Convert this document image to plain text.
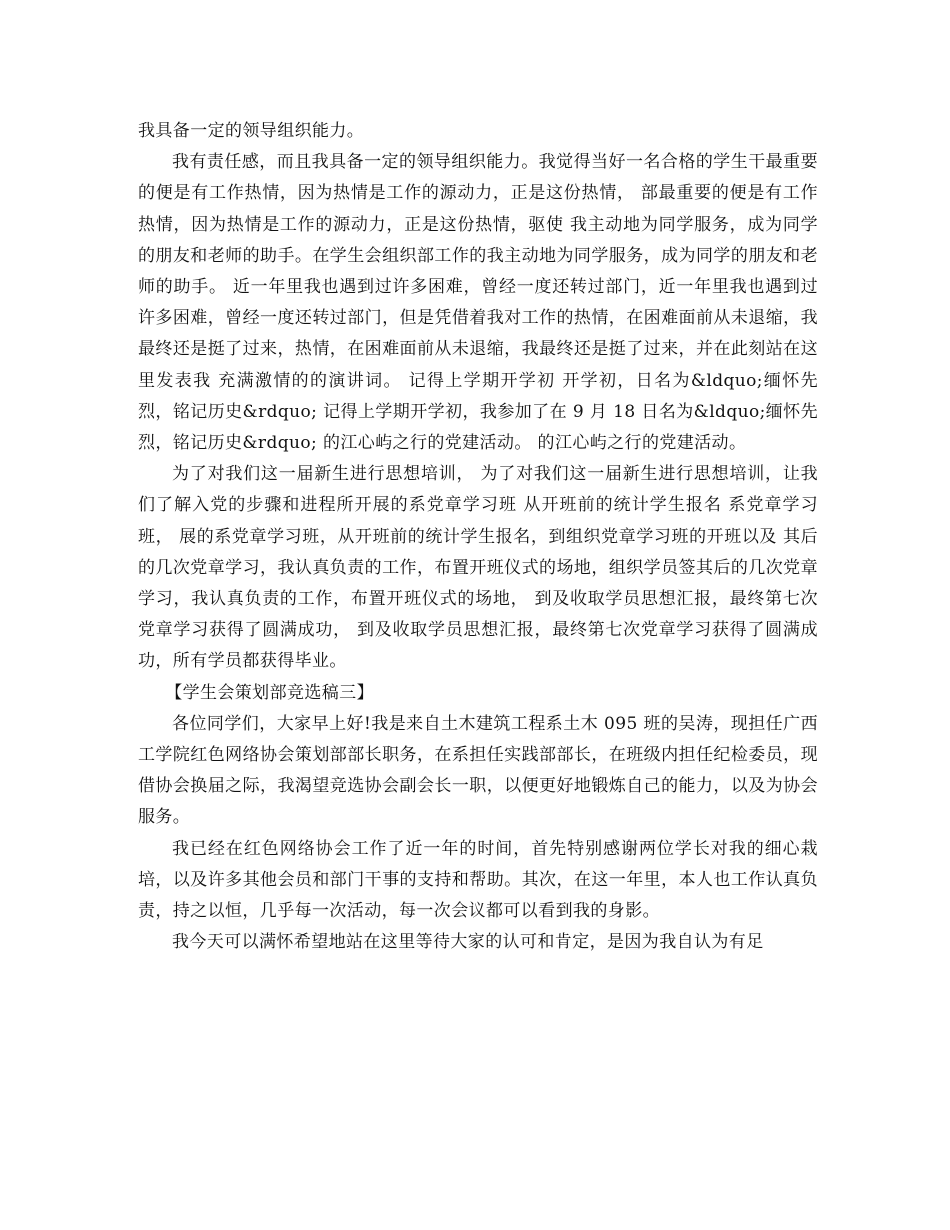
我具备一定的领导组织能力。

我有责任感，而且我具备一定的领导组织能力。我觉得当好一名合格的学生干最重要的便是有工作热情，因为热情是工作的源动力，正是这份热情， 部最重要的便是有工作热情，因为热情是工作的源动力，正是这份热情，驱使 我主动地为同学服务，成为同学的朋友和老师的助手。在学生会组织部工作的我主动地为同学服务，成为同学的朋友和老师的助手。 近一年里我也遇到过许多困难，曾经一度还转过部门，近一年里我也遇到过许多困难，曾经一度还转过部门，但是凭借着我对工作的热情，在困难面前从未退缩，我最终还是挺了过来，热情，在困难面前从未退缩，我最终还是挺了过来，并在此刻站在这里发表我 充满激情的的演讲词。 记得上学期开学初 开学初，日名为&ldquo;缅怀先烈，铭记历史&rdquo; 记得上学期开学初，我参加了在 9 月 18 日名为&ldquo;缅怀先烈，铭记历史&rdquo; 的江心屿之行的党建活动。 的江心屿之行的党建活动。

为了对我们这一届新生进行思想培训， 为了对我们这一届新生进行思想培训，让我们了解入党的步骤和进程所开展的系党章学习班 从开班前的统计学生报名 系党章学习班， 展的系党章学习班，从开班前的统计学生报名，到组织党章学习班的开班以及 其后的几次党章学习，我认真负责的工作，布置开班仪式的场地，组织学员签其后的几次党章学习，我认真负责的工作，布置开班仪式的场地， 到及收取学员思想汇报，最终第七次党章学习获得了圆满成功， 到及收取学员思想汇报，最终第七次党章学习获得了圆满成功，所有学员都获得毕业。

【学生会策划部竞选稿三】

各位同学们，大家早上好!我是来自土木建筑工程系土木 095 班的吴涛，现担任广西工学院红色网络协会策划部部长职务，在系担任实践部部长，在班级内担任纪检委员，现借协会换届之际，我渴望竞选协会副会长一职，以便更好地锻炼自己的能力，以及为协会服务。

我已经在红色网络协会工作了近一年的时间，首先特别感谢两位学长对我的细心栽培，以及许多其他会员和部门干事的支持和帮助。其次，在这一年里，本人也工作认真负责，持之以恒，几乎每一次活动，每一次会议都可以看到我的身影。

我今天可以满怀希望地站在这里等待大家的认可和肯定，是因为我自认为有足
